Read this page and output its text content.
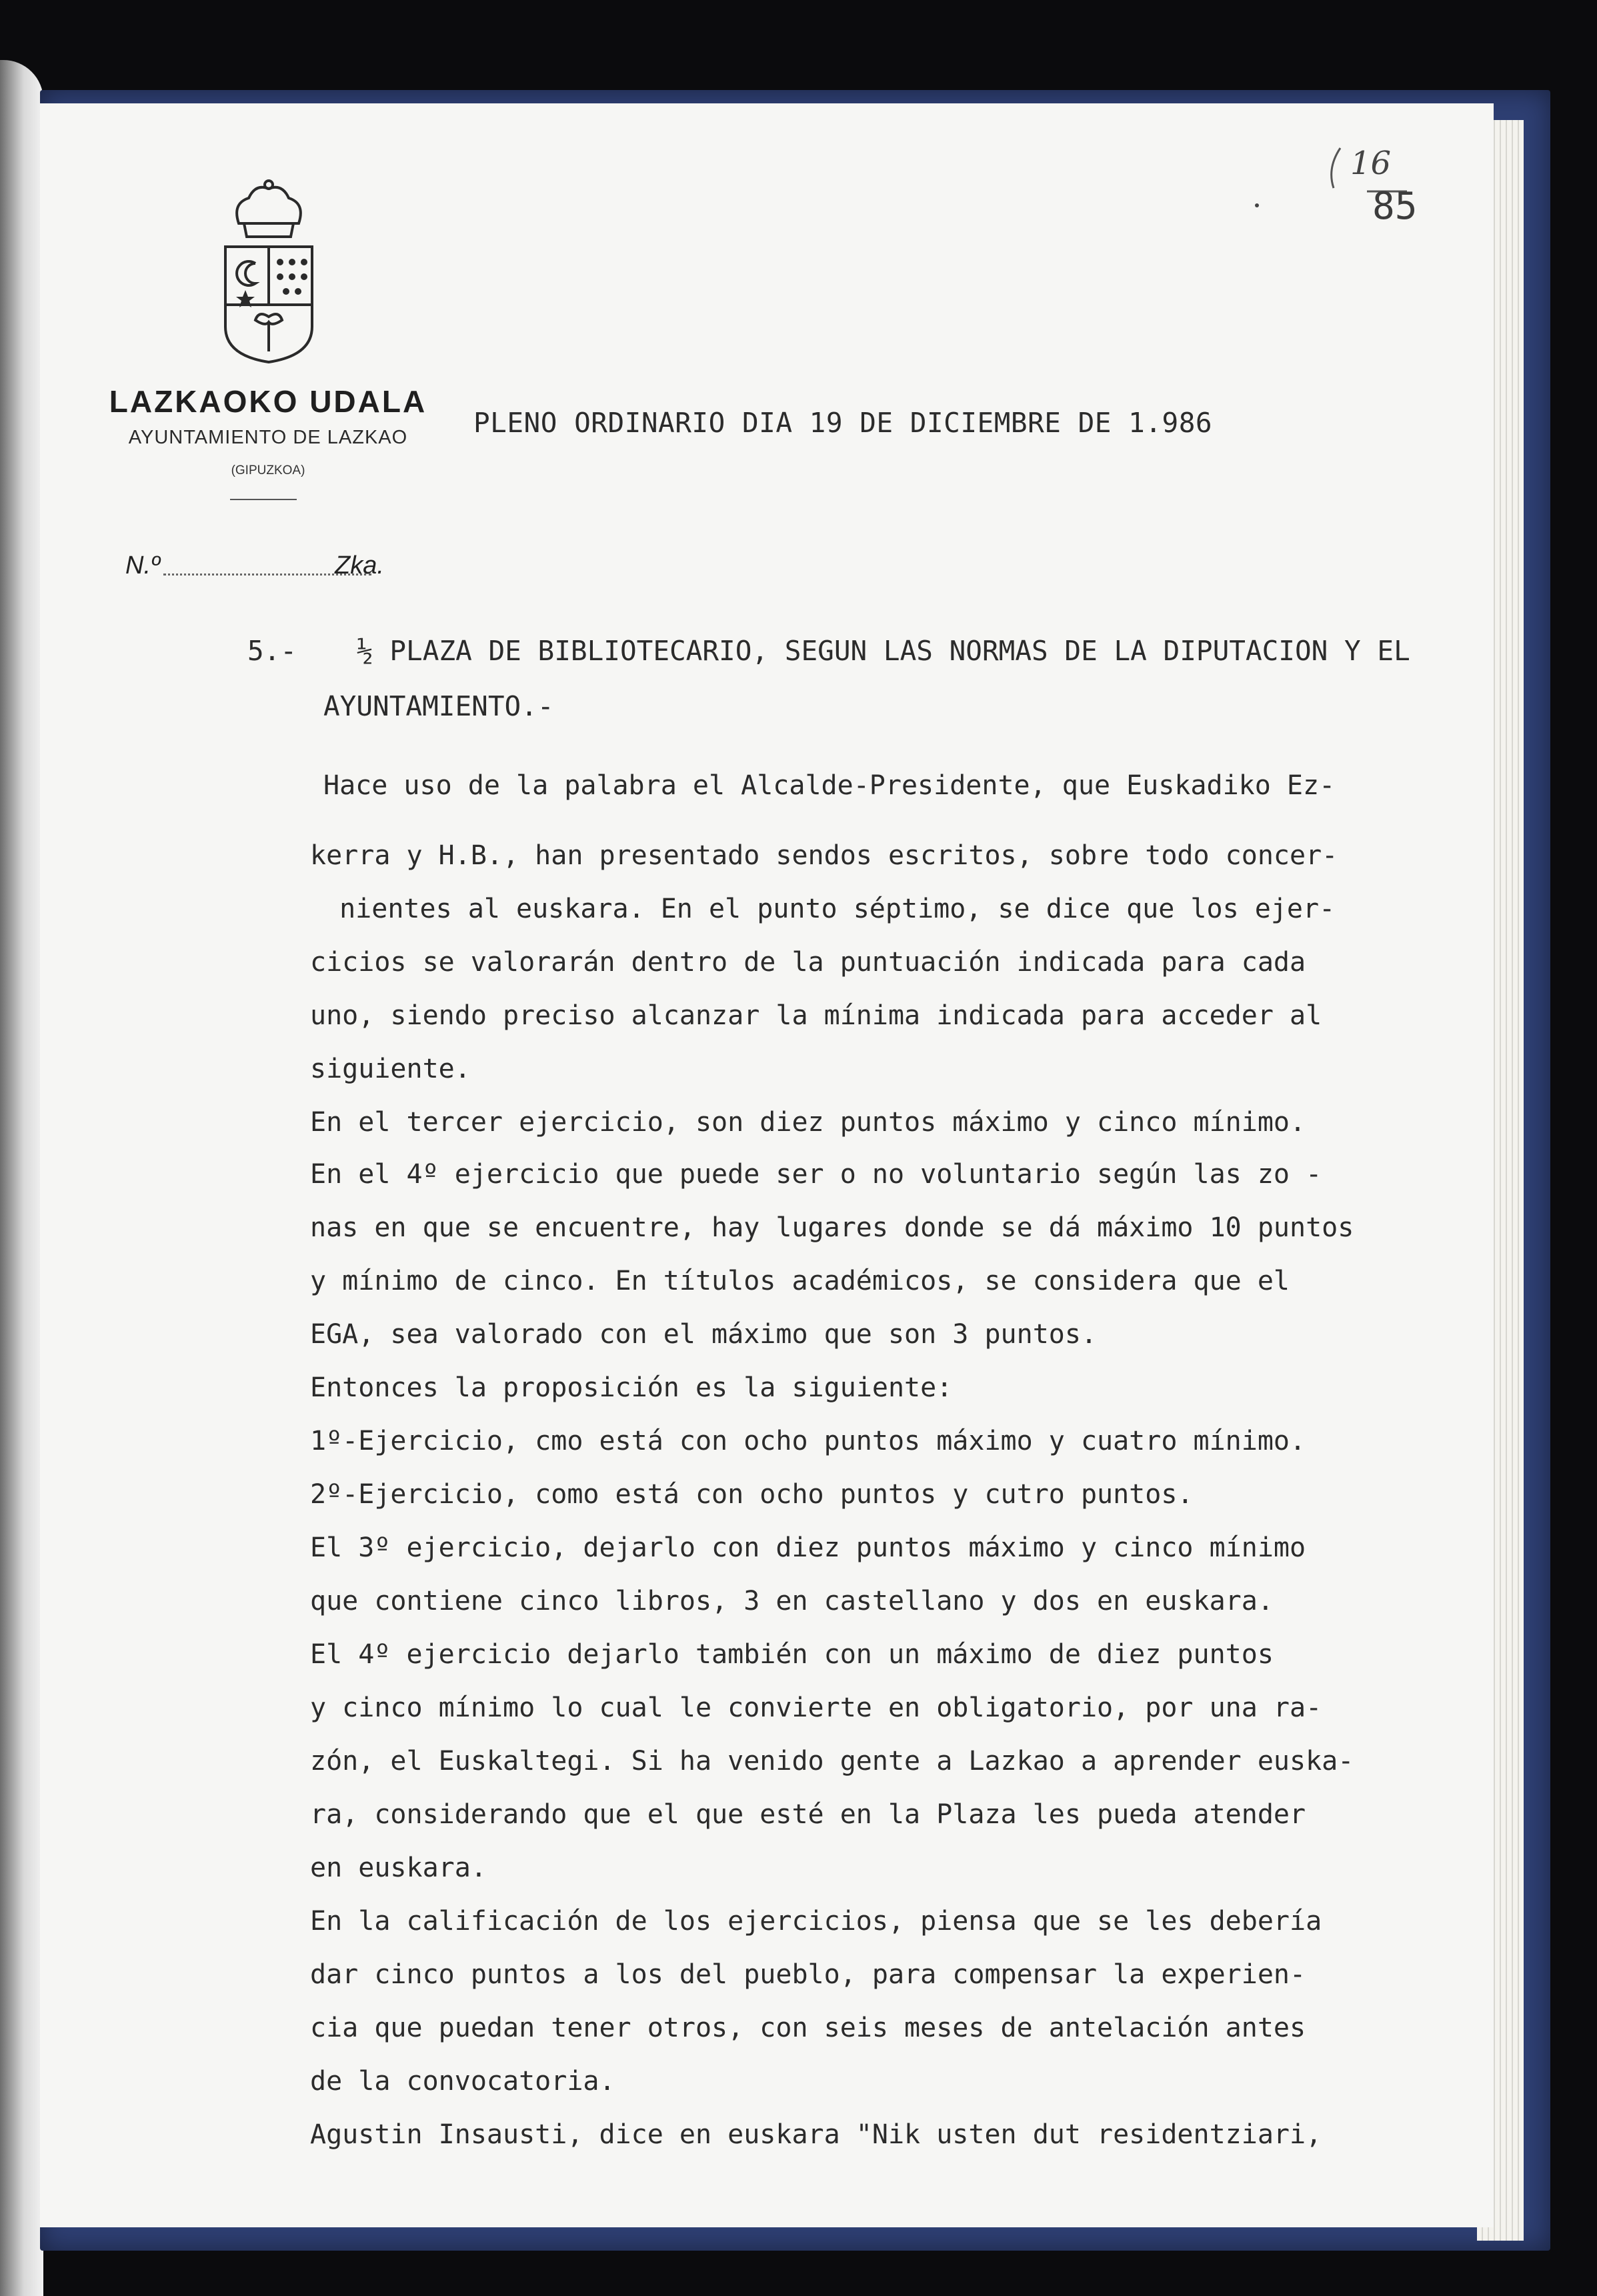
LAZKAOKO UDALA
AYUNTAMIENTO DE LAZKAO
(GIPUZKOA)
N.º	Zka.
16
85
PLENO ORDINARIO DIA 19 DE DICIEMBRE DE 1.986
5.- ½ PLAZA DE BIBLIOTECARIO, SEGUN LAS NORMAS DE LA DIPUTACION Y EL
AYUNTAMIENTO.-
Hace uso de la palabra el Alcalde-Presidente, que Euskadiko Ez-
kerra y H.B., han presentado sendos escritos, sobre todo concer-
nientes al euskara. En el punto séptimo, se dice que los ejer-
cicios se valorarán dentro de la puntuación indicada para cada
uno, siendo preciso alcanzar la mínima indicada para acceder al
siguiente.
En el tercer ejercicio, son diez puntos máximo y cinco mínimo.
En el 4º ejercicio que puede ser o no voluntario según las zo -
nas en que se encuentre, hay lugares donde se dá máximo 10 puntos
y mínimo de cinco. En títulos académicos, se considera que el
EGA, sea valorado con el máximo que son 3 puntos.
Entonces la proposición es la siguiente:
1º-Ejercicio, cmo está con ocho puntos máximo y cuatro mínimo.
2º-Ejercicio, como está con ocho puntos y cutro puntos.
El 3º ejercicio, dejarlo con diez puntos máximo y cinco mínimo
que contiene cinco libros, 3 en castellano y dos en euskara.
El 4º ejercicio dejarlo también con un máximo de diez puntos
y cinco mínimo lo cual le convierte en obligatorio, por una ra-
zón, el Euskaltegi. Si ha venido gente a Lazkao a aprender euska-
ra, considerando que el que esté en la Plaza les pueda atender
en euskara.
En la calificación de los ejercicios, piensa que se les debería
dar cinco puntos a los del pueblo, para compensar la experien-
cia que puedan tener otros, con seis meses de antelación antes
de la convocatoria.
Agustin Insausti, dice en euskara "Nik usten dut residentziari,
